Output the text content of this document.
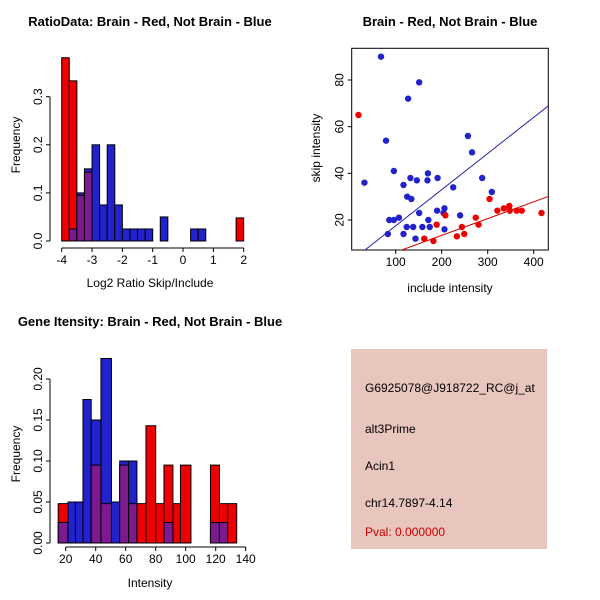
RatioData: Brain - Red, Not Brain - Blue
Frequency
Log2 Ratio Skip/Include
0.0
0.1
0.2
0.3
-4 -3 -2 -1 0 1 2
Brain - Red, Not Brain - Blue
skip intensity
include intensity
100 200 300 400
20
40
60
80
Gene Itensity: Brain - Red, Not Brain - Blue
Frequency
Intensity
0.00
0.05
0.10
0.15
0.20
20 40 60 80 100 120 140
G6925078@J918722_RC@j_at
alt3Prime
Acin1
chr14.7897-4.14
Pval: 0.000000
